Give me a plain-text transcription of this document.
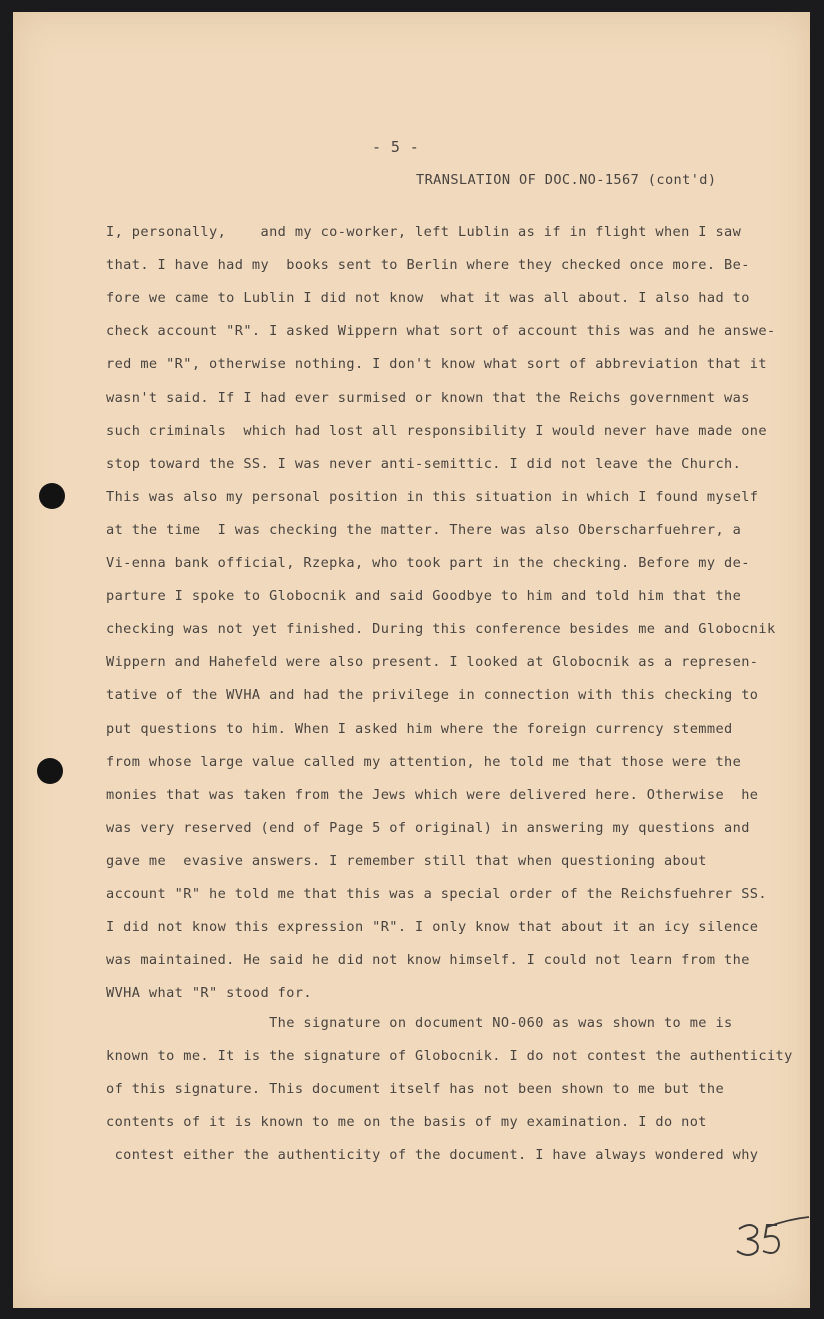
- 5 -
TRANSLATION OF DOC.NO-1567 (cont'd)
I, personally,    and my co-worker, left Lublin as if in flight when I saw
that. I have had my  books sent to Berlin where they checked once more. Be-
fore we came to Lublin I did not know  what it was all about. I also had to
check account "R". I asked Wippern what sort of account this was and he answe-
red me "R", otherwise nothing. I don't know what sort of abbreviation that it
wasn't said. If I had ever surmised or known that the Reichs government was
such criminals  which had lost all responsibility I would never have made one
stop toward the SS. I was never anti-semittic. I did not leave the Church.
This was also my personal position in this situation in which I found myself
at the time  I was checking the matter. There was also Oberscharfuehrer, a
Vi-enna bank official, Rzepka, who took part in the checking. Before my de-
parture I spoke to Globocnik and said Goodbye to him and told him that the
checking was not yet finished. During this conference besides me and Globocnik
Wippern and Hahefeld were also present. I looked at Globocnik as a represen-
tative of the WVHA and had the privilege in connection with this checking to
put questions to him. When I asked him where the foreign currency stemmed
from whose large value called my attention, he told me that those were the
monies that was taken from the Jews which were delivered here. Otherwise  he
was very reserved (end of Page 5 of original) in answering my questions and
gave me  evasive answers. I remember still that when questioning about
account "R" he told me that this was a special order of the Reichsfuehrer SS.
I did not know this expression "R". I only know that about it an icy silence
was maintained. He said he did not know himself. I could not learn from the
WVHA what "R" stood for.
The signature on document NO-060 as was shown to me is
known to me. It is the signature of Globocnik. I do not contest the authenticity
of this signature. This document itself has not been shown to me but the
contents of it is known to me on the basis of my examination. I do not
contest either the authenticity of the document. I have always wondered why
